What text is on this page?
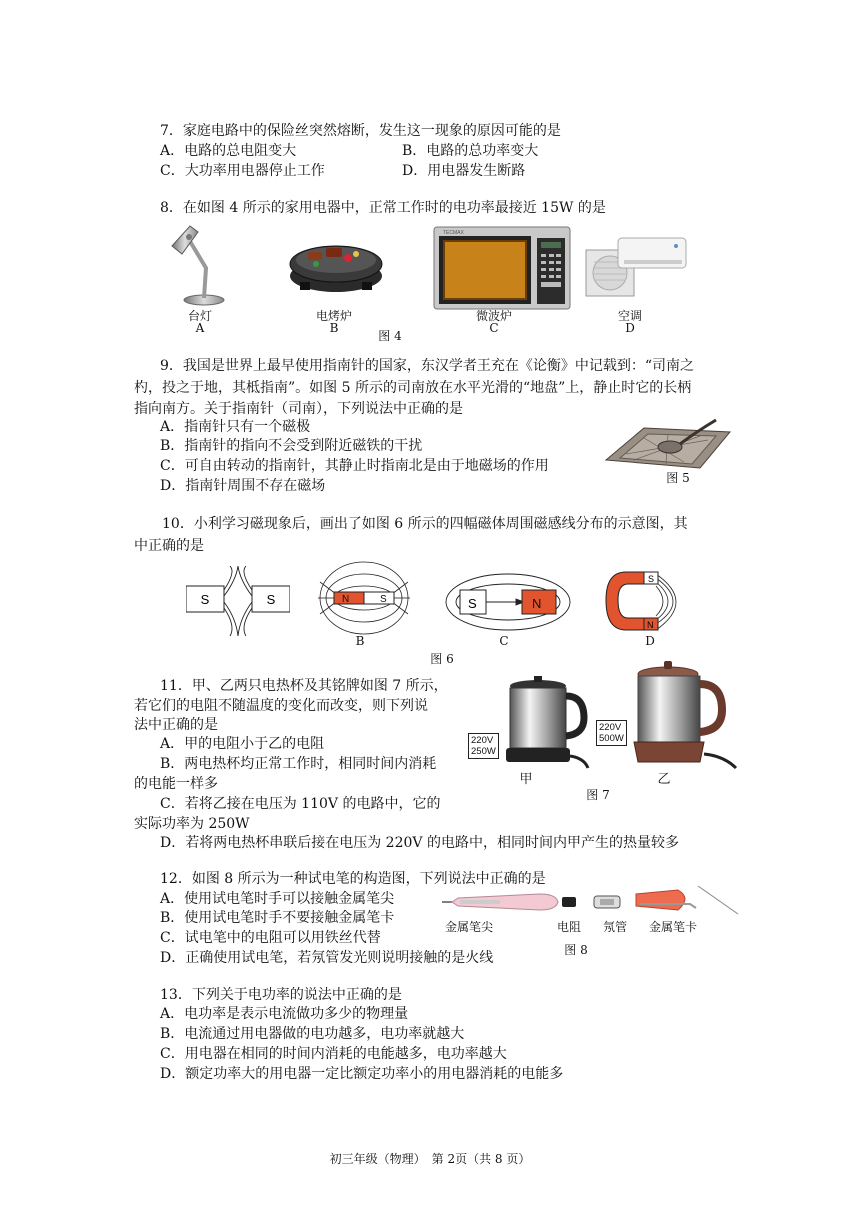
7．家庭电路中的保险丝突然熔断，发生这一现象的原因可能的是
A．电路的总电阻变大	B．电路的总功率变大
C．大功率用电器停止工作	D．用电器发生断路
8．在如图 4 所示的家用电器中，正常工作时的电功率最接近 15W 的是
台灯
A
电烤炉
B
图 4
TECMAX
微波炉
C
空调
D
9．我国是世界上最早使用指南针的国家，东汉学者王充在《论衡》中记载到：“司南之
杓，投之于地，其柢指南”。如图 5 所示的司南放在水平光滑的“地盘”上，静止时它的长柄
指向南方。关于指南针（司南），下列说法中正确的是
A．指南针只有一个磁极
B．指南针的指向不会受到附近磁铁的干扰
C．可自由转动的指南针，其静止时指南北是由于地磁场的作用
D．指南针周围不存在磁场	图 5
10．小利学习磁现象后，画出了如图 6 所示的四幅磁体周围磁感线分布的示意图，其
中正确的是
S	S	N	S
B
S	N
C
S
N
D
图 6
11．甲、乙两只电热杯及其铭牌如图 7 所示，
若它们的电阻不随温度的变化而改变，则下列说
法中正确的是
A．甲的电阻小于乙的电阻
B．两电热杯均正常工作时，相同时间内消耗
的电能一样多
C．若将乙接在电压为 110V 的电路中，它的
实际功率为 250W
D．若将两电热杯串联后接在电压为 220V 的电路中，相同时间内甲产生的热量较多
220V
250W
甲
220V
500W
乙
图 7
12．如图 8 所示为一种试电笔的构造图，下列说法中正确的是
A．使用试电笔时手可以接触金属笔尖
B．使用试电笔时手不要接触金属笔卡
C．试电笔中的电阻可以用铁丝代替
D．正确使用试电笔，若氖管发光则说明接触的是火线
金属笔尖	电阻	氖管	金属笔卡
图 8
13．下列关于电功率的说法中正确的是
A．电功率是表示电流做功多少的物理量
B．电流通过用电器做的电功越多，电功率就越大
C．用电器在相同的时间内消耗的电能越多，电功率越大
D．额定功率大的用电器一定比额定功率小的用电器消耗的电能多
初三年级（物理）　第 2页（共 8 页）
